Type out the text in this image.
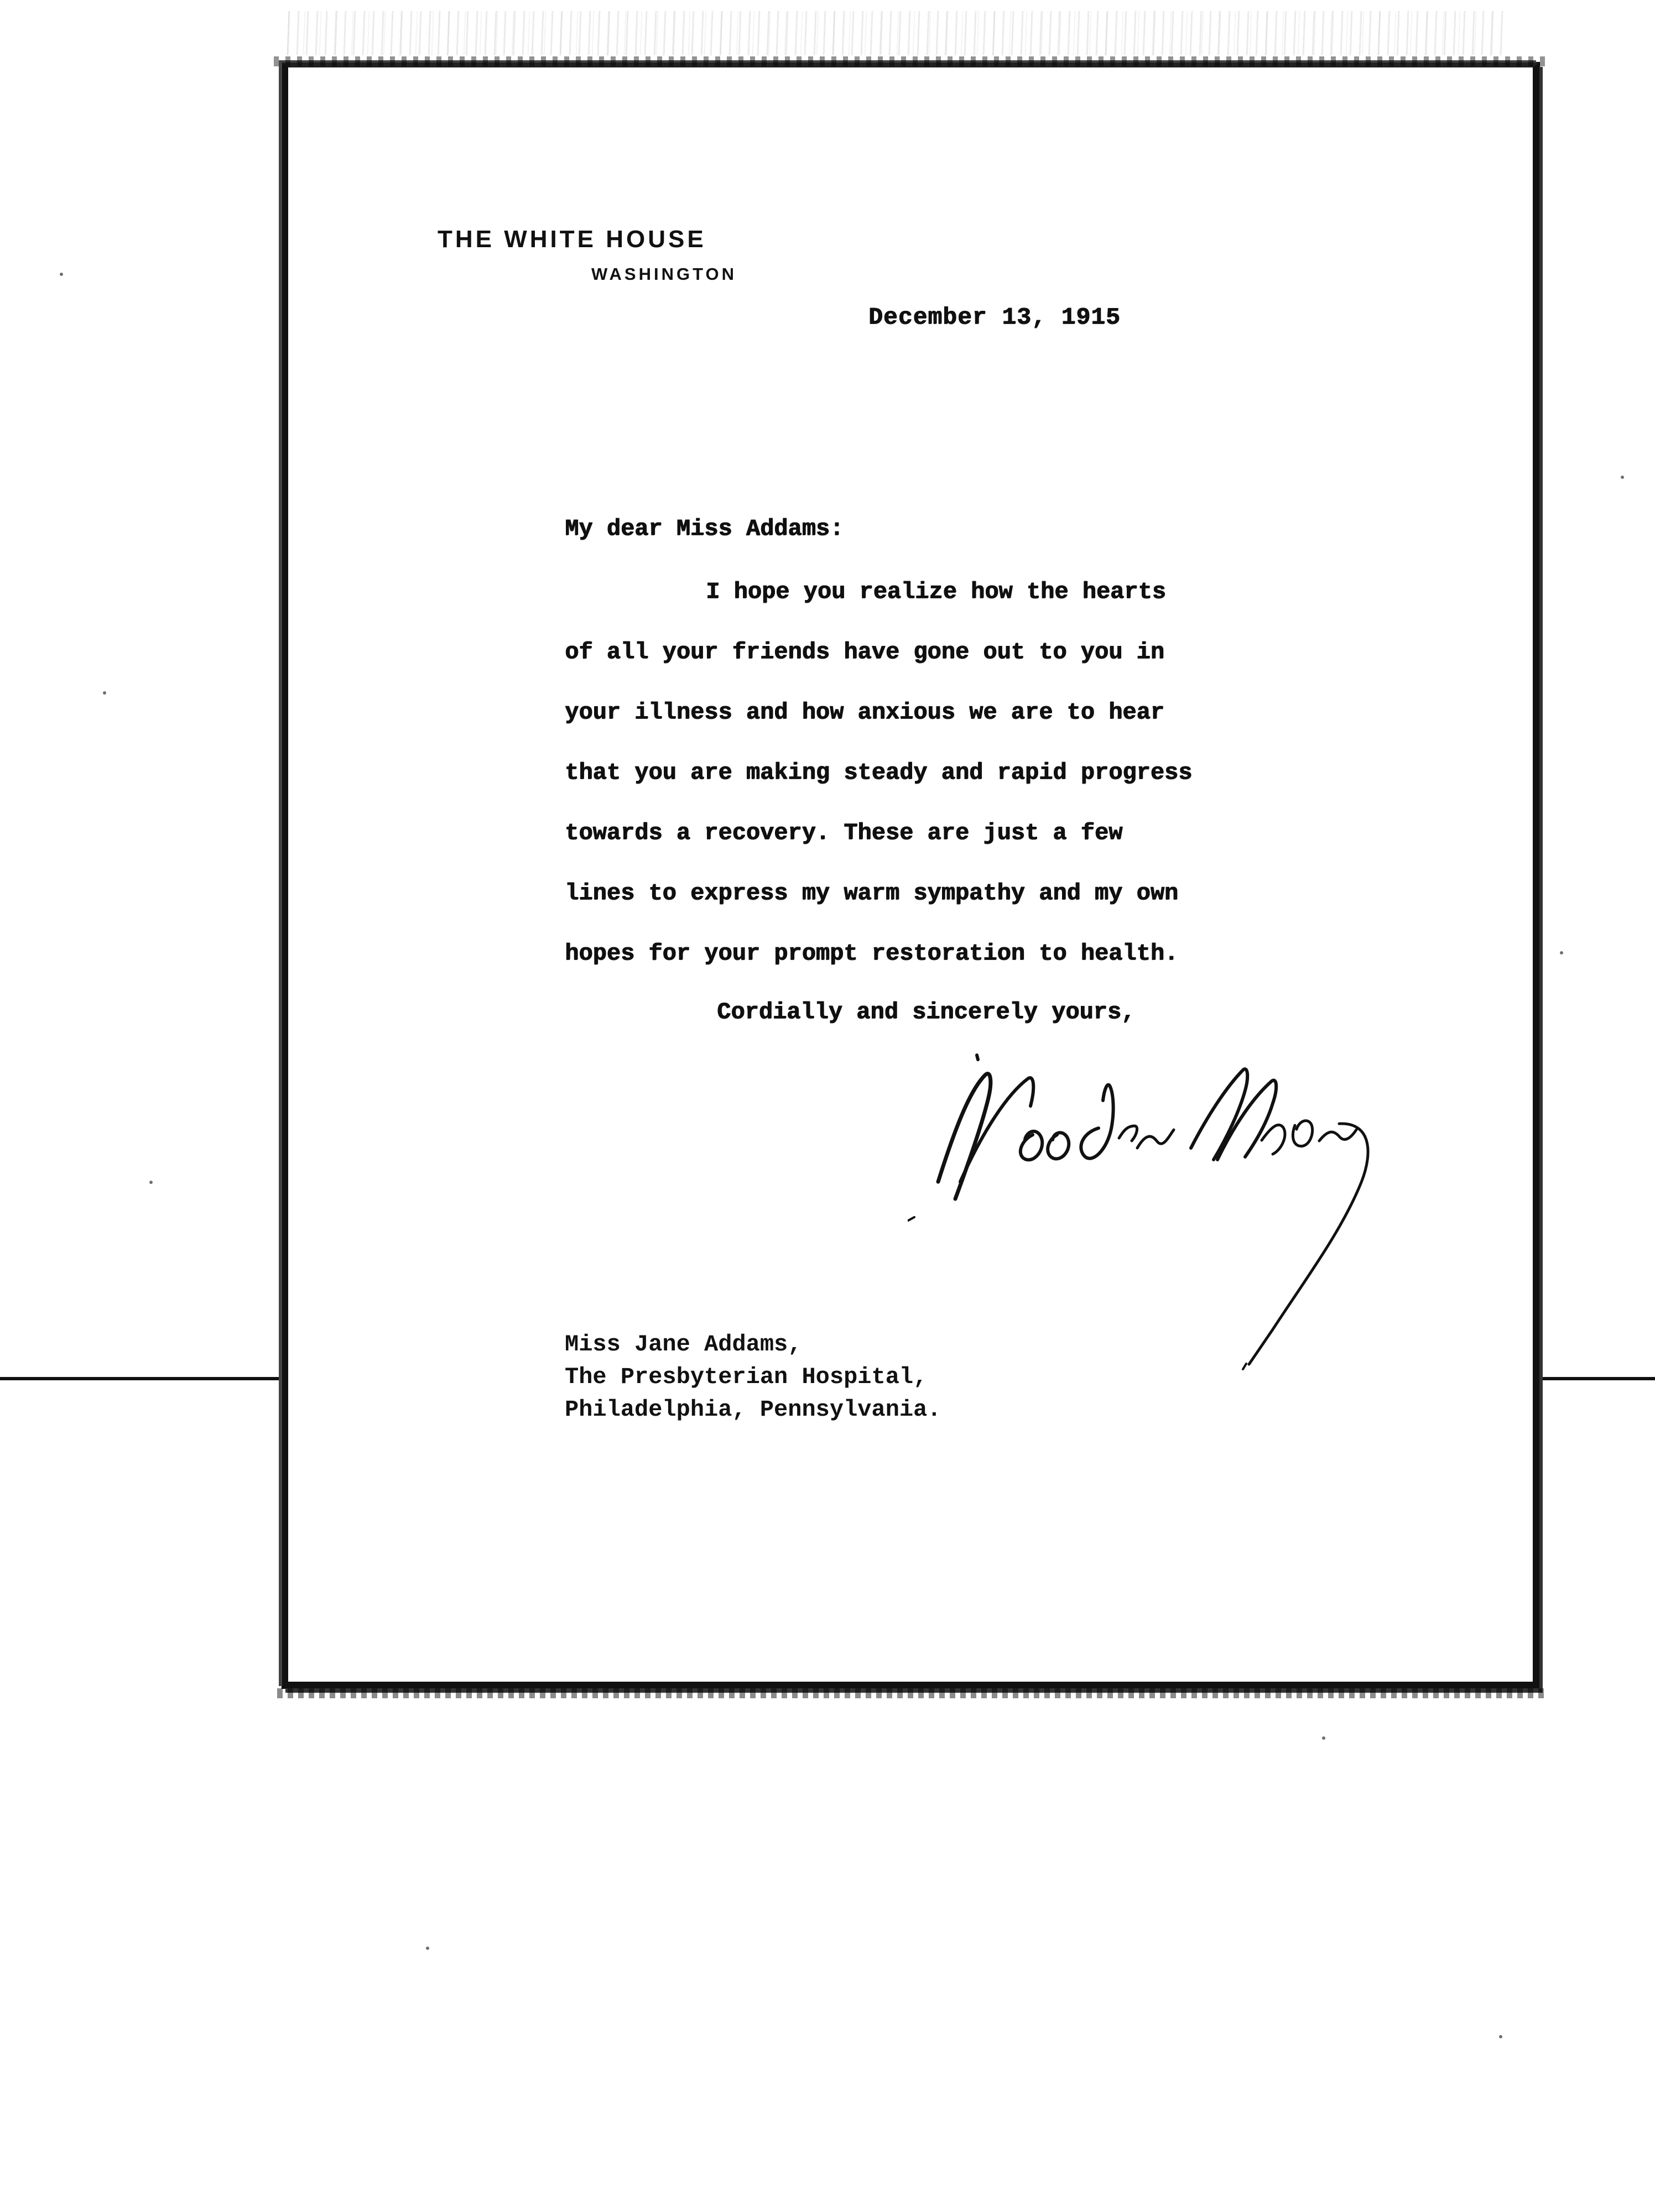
THE WHITE HOUSE
WASHINGTON
December 13, 1915
My dear Miss Addams:
I hope you realize how the hearts
of all your friends have gone out to you in
your illness and how anxious we are to hear
that you are making steady and rapid progress
towards a recovery. These are just a few
lines to express my warm sympathy and my own
hopes for your prompt restoration to health.
Cordially and sincerely yours,
Miss Jane Addams,
The Presbyterian Hospital,
Philadelphia, Pennsylvania.
